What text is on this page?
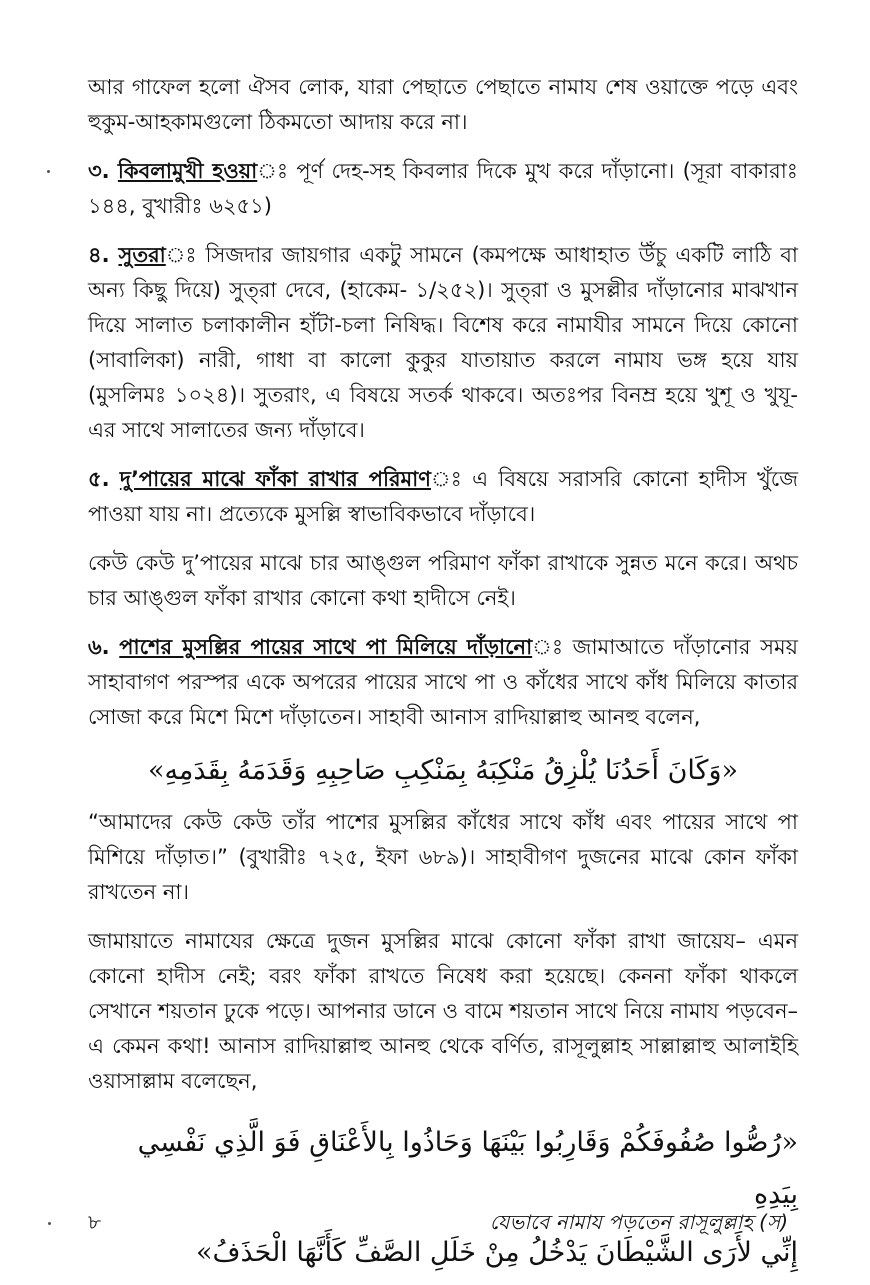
আর গাফেল হলো ঐসব লোক, যারা পেছাতে পেছাতে নামায শেষ ওয়াক্তে পড়ে এবং হুকুম-আহকামগুলো ঠিকমতো আদায় করে না।

৩. কিবলামুখী হওয়াঃ পূর্ণ দেহ-সহ কিবলার দিকে মুখ করে দাঁড়ানো। (সূরা বাকারাঃ ১৪৪, বুখারীঃ ৬২৫১)

৪. সুতরাঃ সিজদার জায়গার একটু সামনে (কমপক্ষে আধাহাত উঁচু একটি লাঠি বা অন্য কিছু দিয়ে) সুত্‌রা দেবে, (হাকেম- ১/২৫২)। সুত্‌রা ও মুসল্লীর দাঁড়ানোর মাঝখান দিয়ে সালাত চলাকালীন হাঁটা-চলা নিষিদ্ধ। বিশেষ করে নামাযীর সামনে দিয়ে কোনো (সাবালিকা) নারী, গাধা বা কালো কুকুর যাতায়াত করলে নামায ভঙ্গ হয়ে যায় (মুসলিমঃ ১০২৪)। সুতরাং, এ বিষয়ে সতর্ক থাকবে। অতঃপর বিনম্র হয়ে খুশূ ও খুযূ-এর সাথে সালাতের জন্য দাঁড়াবে।

৫. দু’পায়ের মাঝে ফাঁকা রাখার পরিমাণঃ এ বিষয়ে সরাসরি কোনো হাদীস খুঁজে পাওয়া যায় না। প্রত্যেকে মুসল্লি স্বাভাবিকভাবে দাঁড়াবে।

কেউ কেউ দু’পায়ের মাঝে চার আঙ্গুল পরিমাণ ফাঁকা রাখাকে সুন্নত মনে করে। অথচ চার আঙ্গুল ফাঁকা রাখার কোনো কথা হাদীসে নেই।

৬. পাশের মুসল্লির পায়ের সাথে পা মিলিয়ে দাঁড়ানোঃ জামাআতে দাঁড়ানোর সময় সাহাবাগণ পরস্পর একে অপরের পায়ের সাথে পা ও কাঁধের সাথে কাঁধ মিলিয়ে কাতার সোজা করে মিশে মিশে দাঁড়াতেন। সাহাবী আনাস রাদিয়াল্লাহু আনহু বলেন,

«وَكَانَ أَحَدُنَا يُلْزِقُ مَنْكِبَهُ بِمَنْكِبِ صَاحِبِهِ وَقَدَمَهُ بِقَدَمِهِ»

“আমাদের কেউ কেউ তাঁর পাশের মুসল্লির কাঁধের সাথে কাঁধ এবং পায়ের সাথে পা মিশিয়ে দাঁড়াত।” (বুখারীঃ ৭২৫, ইফা ৬৮৯)। সাহাবীগণ দুজনের মাঝে কোন ফাঁকা রাখতেন না।

জামায়াতে নামাযের ক্ষেত্রে দুজন মুসল্লির মাঝে কোনো ফাঁকা রাখা জায়েয– এমন কোনো হাদীস নেই; বরং ফাঁকা রাখতে নিষেধ করা হয়েছে। কেননা ফাঁকা থাকলে সেখানে শয়তান ঢুকে পড়ে। আপনার ডানে ও বামে শয়তান সাথে নিয়ে নামায পড়বেন– এ কেমন কথা! আনাস রাদিয়াল্লাহু আনহু থেকে বর্ণিত, রাসূলুল্লাহ সাল্লাল্লাহু আলাইহি ওয়াসাল্লাম বলেছেন,

«رُصُّوا صُفُوفَكُمْ وَقَارِبُوا بَيْنَهَا وَحَاذُوا بِالأَعْنَاقِ فَوَ الَّذِي نَفْسِي بِيَدِهِ
إِنِّي لأَرَى الشَّيْطَانَ يَدْخُلُ مِنْ خَلَلِ الصَّفِّ كَأَنَّهَا الْحَذَفُ»
৮	যেভাবে নামায পড়তেন রাসূলুল্লাহ (স)
